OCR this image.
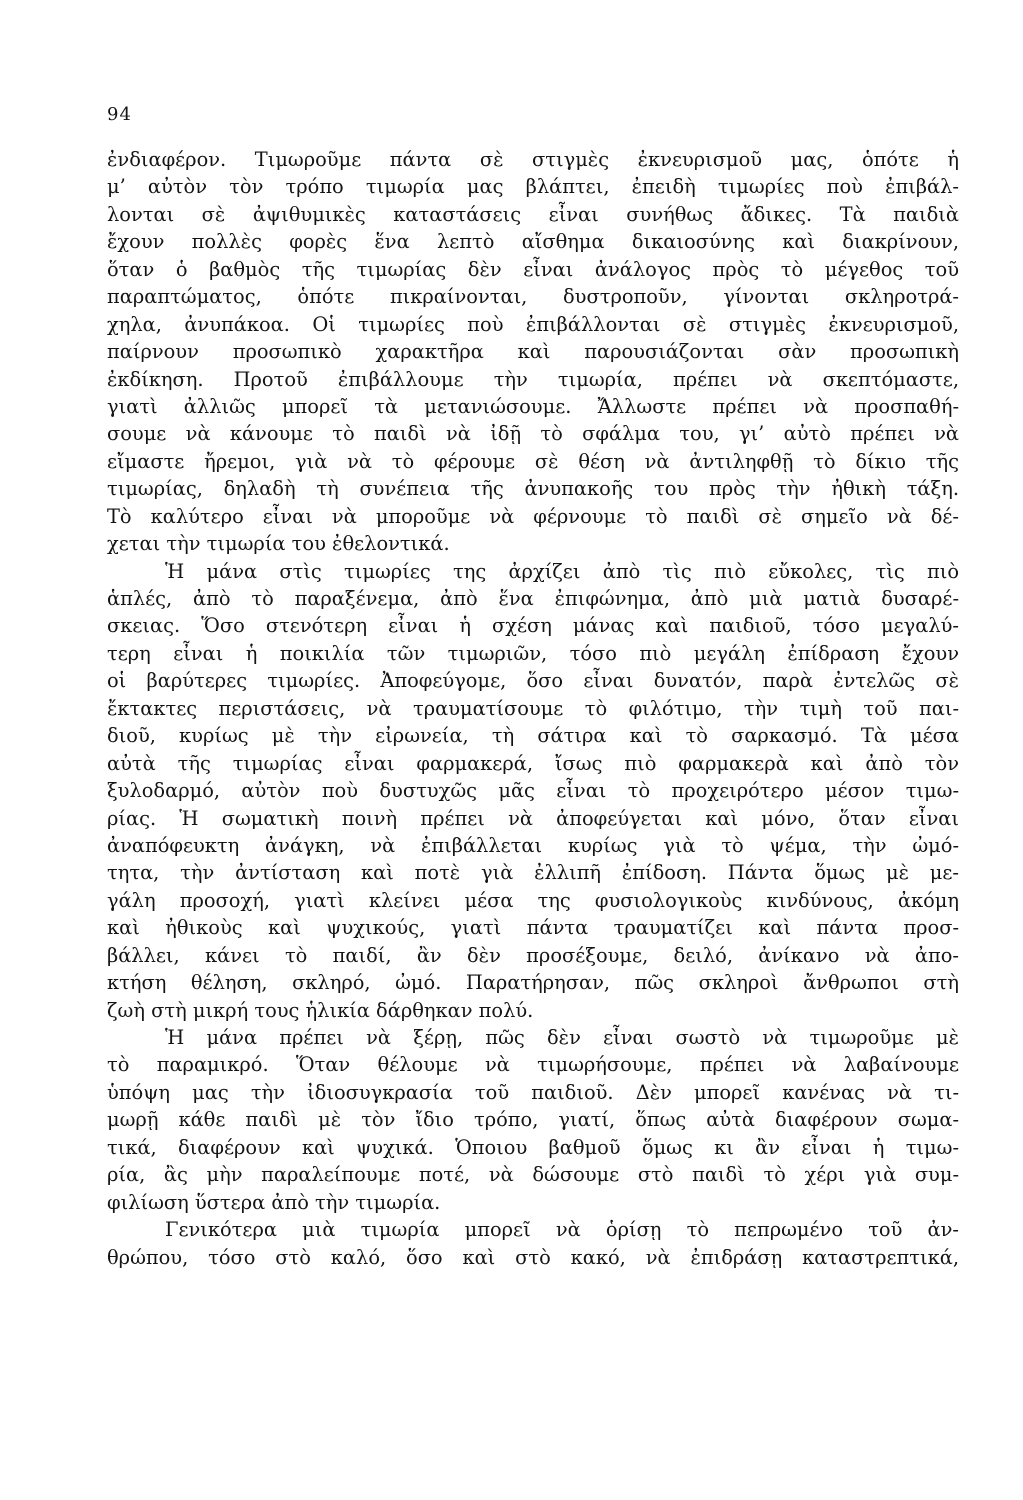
94
ἐνδιαφέρον. Τιμωροῦμε πάντα σὲ στιγμὲς ἐκνευρισμοῦ μας, ὁπότε ἡ
μ’ αὐτὸν τὸν τρόπο τιμωρία μας βλάπτει, ἐπειδὴ τιμωρίες ποὺ ἐπιβάλ-
λονται σὲ ἀψιθυμικὲς καταστάσεις εἶναι συνήθως ἄδικες. Τὰ παιδιὰ
ἔχουν πολλὲς φορὲς ἕνα λεπτὸ αἴσθημα δικαιοσύνης καὶ διακρίνουν,
ὅταν ὁ βαθμὸς τῆς τιμωρίας δὲν εἶναι ἀνάλογος πρὸς τὸ μέγεθος τοῦ
παραπτώματος, ὁπότε πικραίνονται, δυστροποῦν, γίνονται σκληροτρά-
χηλα, ἀνυπάκοα. Οἱ τιμωρίες ποὺ ἐπιβάλλονται σὲ στιγμὲς ἐκνευρισμοῦ,
παίρνουν προσωπικὸ χαρακτῆρα καὶ παρουσιάζονται σὰν προσωπικὴ
ἐκδίκηση. Προτοῦ ἐπιβάλλουμε τὴν τιμωρία, πρέπει νὰ σκεπτόμαστε,
γιατὶ ἀλλιῶς μπορεῖ τὰ μετανιώσουμε. Ἄλλωστε πρέπει νὰ προσπαθή-
σουμε νὰ κάνουμε τὸ παιδὶ νὰ ἰδῇ τὸ σφάλμα του, γι’ αὐτὸ πρέπει νὰ
εἴμαστε ἤρεμοι, γιὰ νὰ τὸ φέρουμε σὲ θέση νὰ ἀντιληφθῇ τὸ δίκιο τῆς
τιμωρίας, δηλαδὴ τὴ συνέπεια τῆς ἀνυπακοῆς του πρὸς τὴν ἠθικὴ τάξη.
Τὸ καλύτερο εἶναι νὰ μποροῦμε νὰ φέρνουμε τὸ παιδὶ σὲ σημεῖο νὰ δέ-
χεται τὴν τιμωρία του ἐθελοντικά.
Ἡ μάνα στὶς τιμωρίες της ἀρχίζει ἀπὸ τὶς πιὸ εὔκολες, τὶς πιὸ
ἁπλές, ἀπὸ τὸ παραξένεμα, ἀπὸ ἕνα ἐπιφώνημα, ἀπὸ μιὰ ματιὰ δυσαρέ-
σκειας. Ὅσο στενότερη εἶναι ἡ σχέση μάνας καὶ παιδιοῦ, τόσο μεγαλύ-
τερη εἶναι ἡ ποικιλία τῶν τιμωριῶν, τόσο πιὸ μεγάλη ἐπίδραση ἔχουν
οἱ βαρύτερες τιμωρίες. Ἀποφεύγομε, ὅσο εἶναι δυνατόν, παρὰ ἐντελῶς σὲ
ἔκτακτες περιστάσεις, νὰ τραυματίσουμε τὸ φιλότιμο, τὴν τιμὴ τοῦ παι-
διοῦ, κυρίως μὲ τὴν εἰρωνεία, τὴ σάτιρα καὶ τὸ σαρκασμό. Τὰ μέσα
αὐτὰ τῆς τιμωρίας εἶναι φαρμακερά, ἴσως πιὸ φαρμακερὰ καὶ ἀπὸ τὸν
ξυλοδαρμό, αὐτὸν ποὺ δυστυχῶς μᾶς εἶναι τὸ προχειρότερο μέσον τιμω-
ρίας. Ἡ σωματικὴ ποινὴ πρέπει νὰ ἀποφεύγεται καὶ μόνο, ὅταν εἶναι
ἀναπόφευκτη ἀνάγκη, νὰ ἐπιβάλλεται κυρίως γιὰ τὸ ψέμα, τὴν ὠμό-
τητα, τὴν ἀντίσταση καὶ ποτὲ γιὰ ἐλλιπῆ ἐπίδοση. Πάντα ὅμως μὲ με-
γάλη προσοχή, γιατὶ κλείνει μέσα της φυσιολογικοὺς κινδύνους, ἀκόμη
καὶ ἠθικοὺς καὶ ψυχικούς, γιατὶ πάντα τραυματίζει καὶ πάντα προσ-
βάλλει, κάνει τὸ παιδί, ἂν δὲν προσέξουμε, δειλό, ἀνίκανο νὰ ἀπο-
κτήση θέληση, σκληρό, ὠμό. Παρατήρησαν, πῶς σκληροὶ ἄνθρωποι στὴ
ζωὴ στὴ μικρή τους ἡλικία δάρθηκαν πολύ.
Ἡ μάνα πρέπει νὰ ξέρῃ, πῶς δὲν εἶναι σωστὸ νὰ τιμωροῦμε μὲ
τὸ παραμικρό. Ὅταν θέλουμε νὰ τιμωρήσουμε, πρέπει νὰ λαβαίνουμε
ὑπόψη μας τὴν ἰδιοσυγκρασία τοῦ παιδιοῦ. Δὲν μπορεῖ κανένας νὰ τι-
μωρῇ κάθε παιδὶ μὲ τὸν ἴδιο τρόπο, γιατί, ὅπως αὐτὰ διαφέρουν σωμα-
τικά, διαφέρουν καὶ ψυχικά. Ὁποιου βαθμοῦ ὅμως κι ἂν εἶναι ἡ τιμω-
ρία, ἂς μὴν παραλείπουμε ποτέ, νὰ δώσουμε στὸ παιδὶ τὸ χέρι γιὰ συμ-
φιλίωση ὕστερα ἀπὸ τὴν τιμωρία.
Γενικότερα μιὰ τιμωρία μπορεῖ νὰ ὁρίσῃ τὸ πεπρωμένο τοῦ ἀν-
θρώπου, τόσο στὸ καλό, ὅσο καὶ στὸ κακό, νὰ ἐπιδράσῃ καταστρεπτικά,
